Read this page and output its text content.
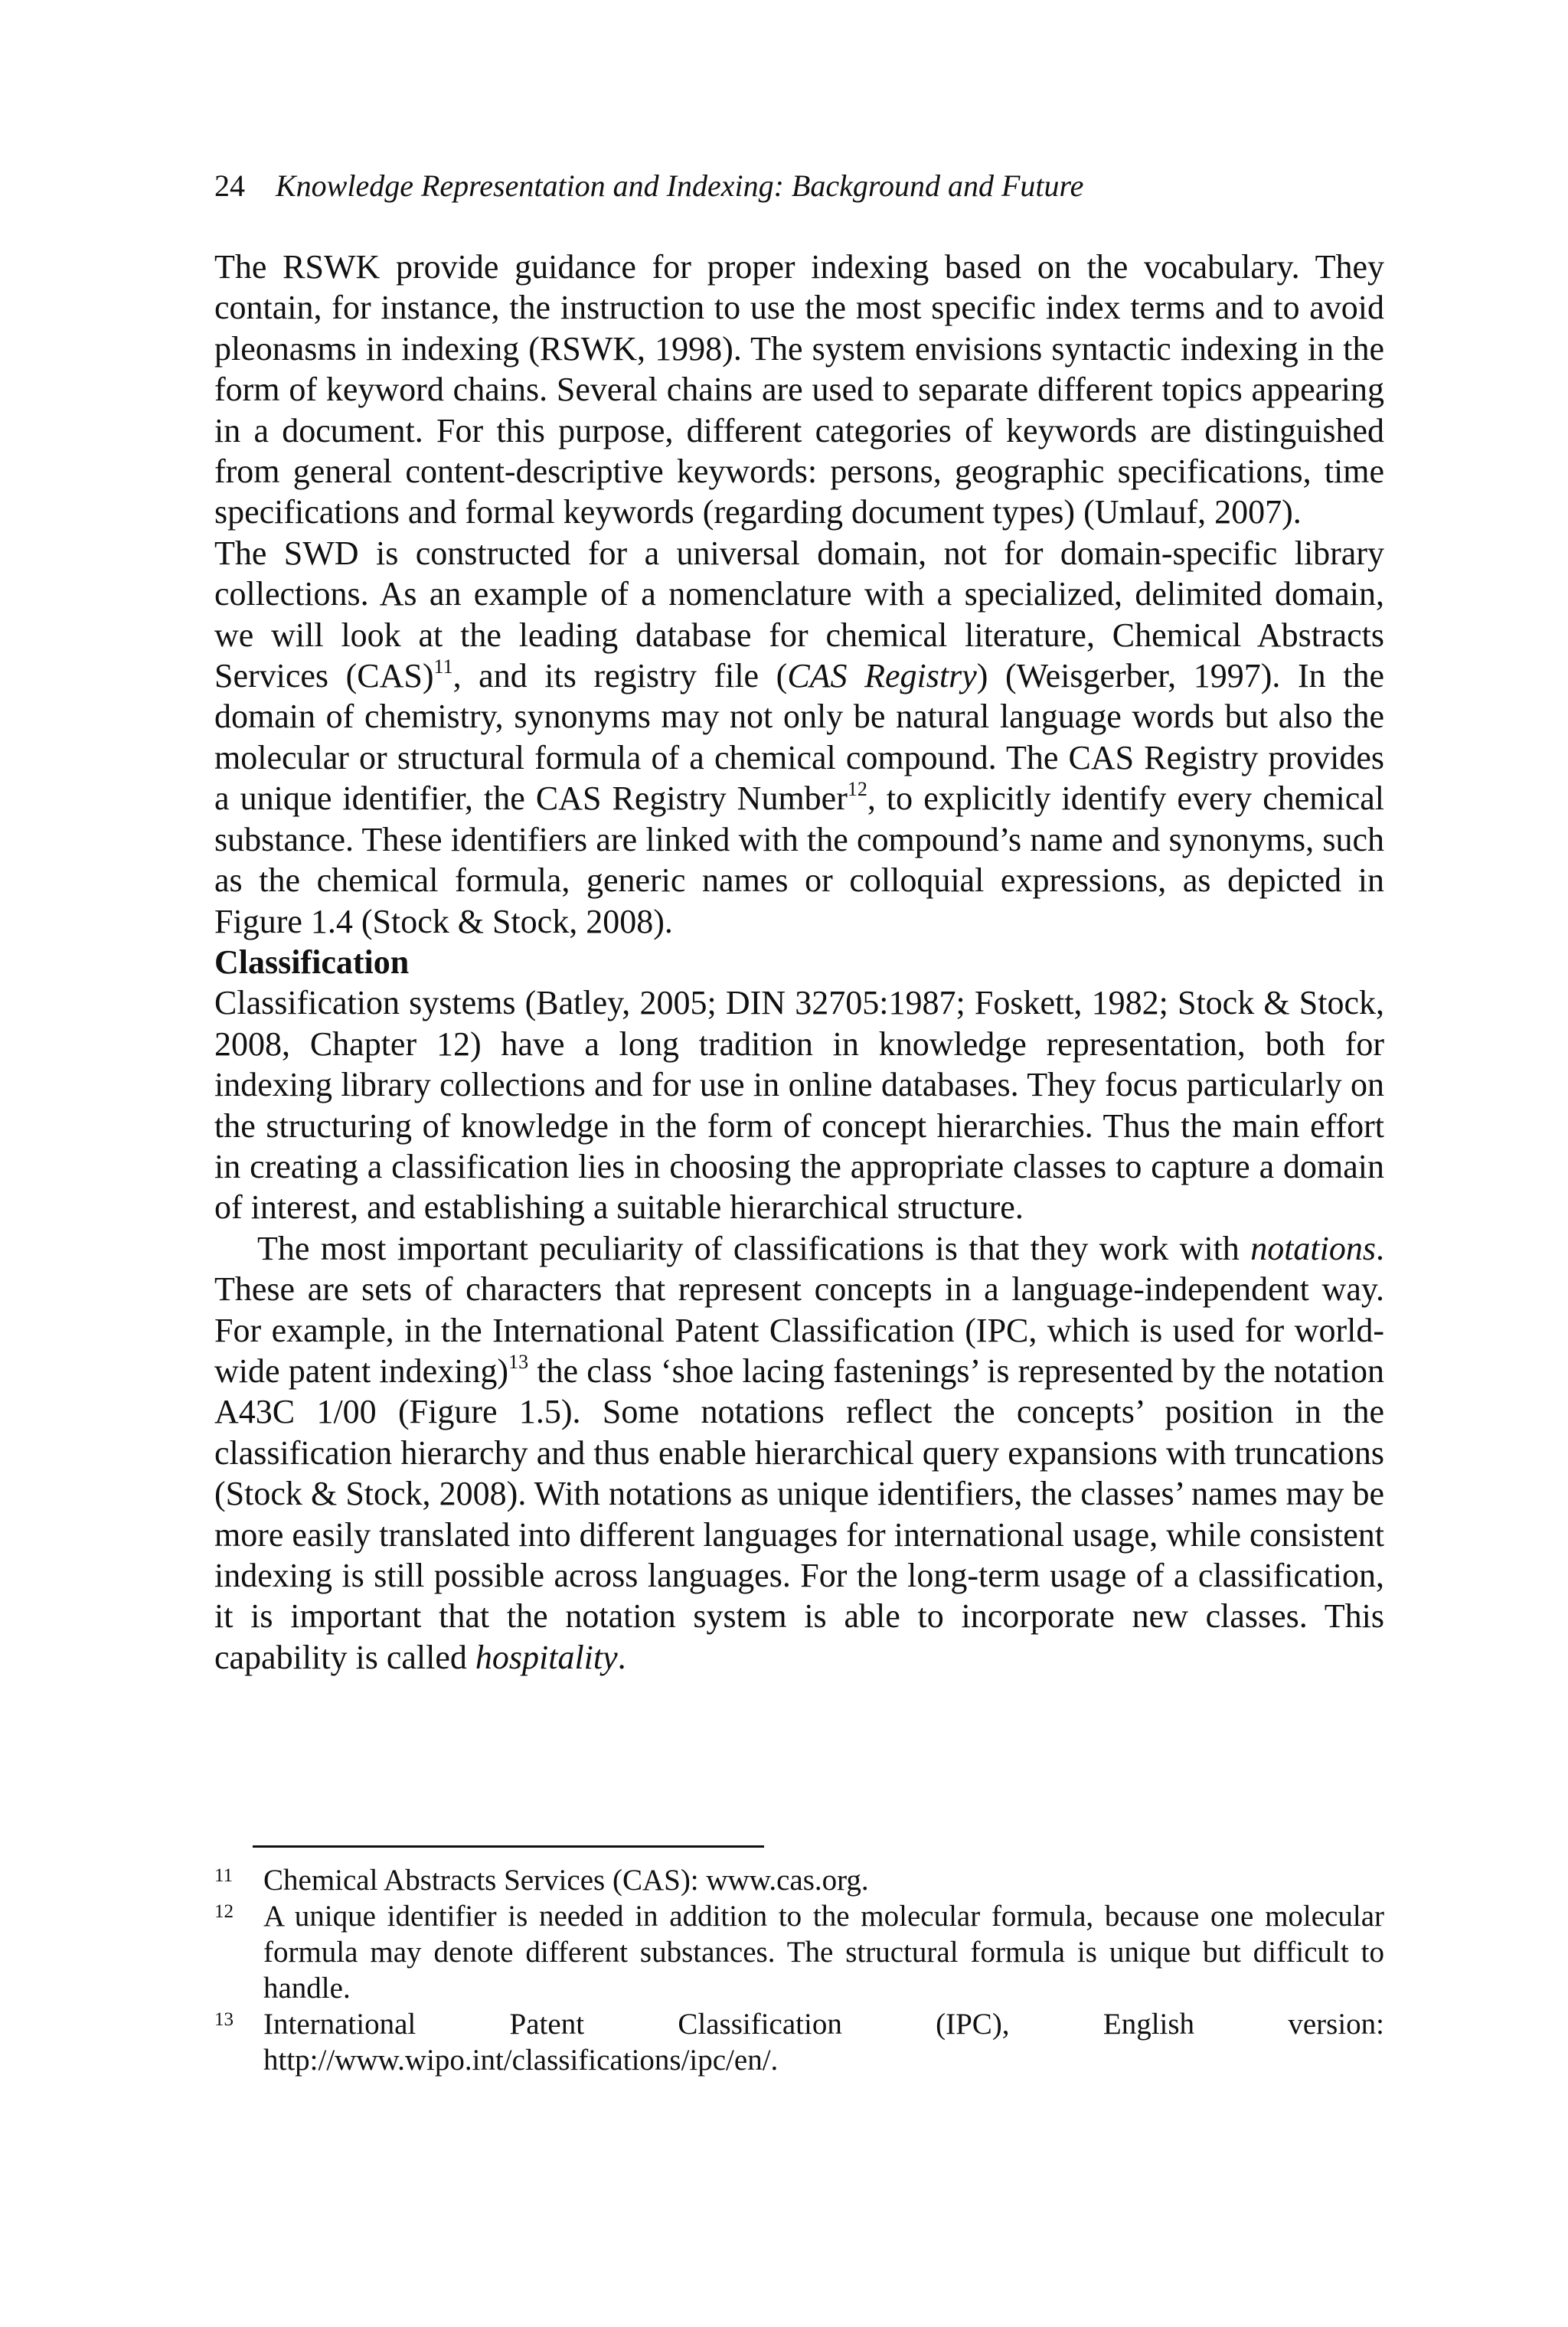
24 Knowledge Representation and Indexing: Background and Future

The RSWK provide guidance for proper indexing based on the vocabulary. They contain, for instance, the instruction to use the most specific index terms and to avoid pleonasms in indexing (RSWK, 1998). The system envisions syntactic indexing in the form of keyword chains. Several chains are used to separate different topics appearing in a document. For this purpose, different categories of keywords are distinguished from general content-descriptive keywords: persons, geographic specifications, time specifications and formal keywords (regarding document types) (Umlauf, 2007).

The SWD is constructed for a universal domain, not for domain-specific library collections. As an example of a nomenclature with a specialized, delimited domain, we will look at the leading database for chemical literature, Chemical Abstracts Services (CAS)$^{11}$, and its registry file (CAS Registry) (Weisgerber, 1997). In the domain of chemistry, synonyms may not only be natural language words but also the molecular or structural formula of a chemical compound. The CAS Registry provides a unique identifier, the CAS Registry Number$^{12}$, to explicitly identify every chemical substance. These identifiers are linked with the compound’s name and synonyms, such as the chemical formula, generic names or colloquial expressions, as depicted in Figure 1.4 (Stock & Stock, 2008).

Classification

Classification systems (Batley, 2005; DIN 32705:1987; Foskett, 1982; Stock & Stock, 2008, Chapter 12) have a long tradition in knowledge representation, both for indexing library collections and for use in online databases. They focus particularly on the structuring of knowledge in the form of concept hierarchies. Thus the main effort in creating a classification lies in choosing the appropriate classes to capture a domain of interest, and establishing a suitable hierarchical structure.

The most important peculiarity of classifications is that they work with notations. These are sets of characters that represent concepts in a language-independent way. For example, in the International Patent Classification (IPC, which is used for world-wide patent indexing)$^{13}$ the class ‘shoe lacing fastenings’ is represented by the notation A43C 1/00 (Figure 1.5). Some notations reflect the concepts’ position in the classification hierarchy and thus enable hierarchical query expansions with truncations (Stock & Stock, 2008). With notations as unique identifiers, the classes’ names may be more easily translated into different languages for international usage, while consistent indexing is still possible across languages. For the long-term usage of a classification, it is important that the notation system is able to incorporate new classes. This capability is called hospitality.

11 Chemical Abstracts Services (CAS): www.cas.org.
12 A unique identifier is needed in addition to the molecular formula, because one molecular formula may denote different substances. The structural formula is unique but difficult to handle.
13 International Patent Classification (IPC), English version: http://www.wipo.int/classifications/ipc/en/.
